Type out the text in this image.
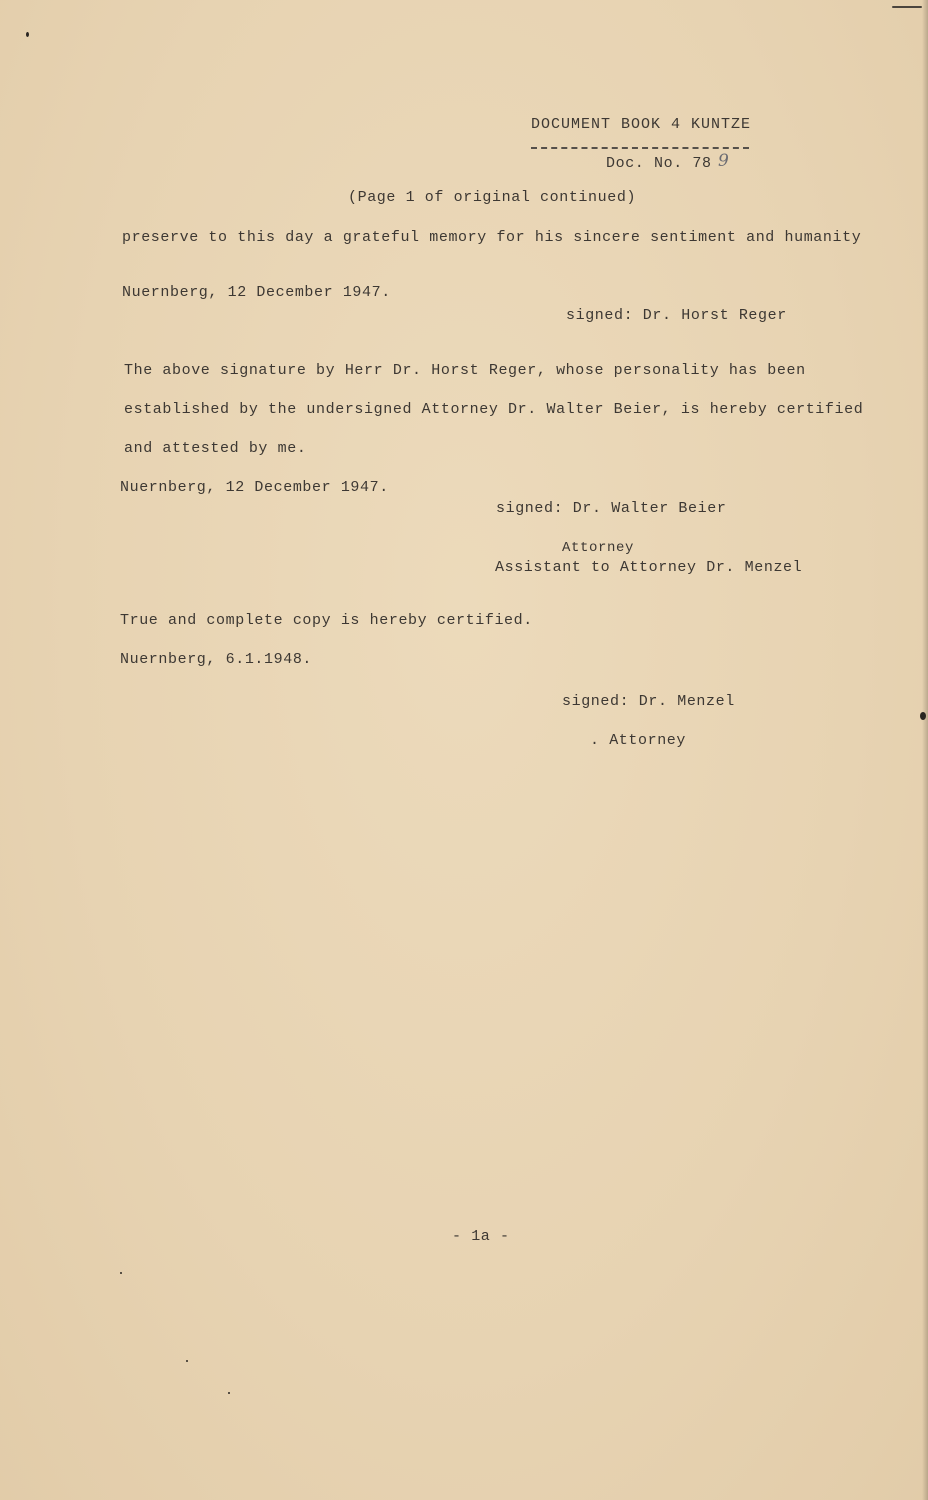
DOCUMENT BOOK 4 KUNTZE
Doc. No. 78 9
(Page 1 of original continued)
preserve to this day a grateful memory for his sincere sentiment and humanity
Nuernberg, 12 December 1947.
signed: Dr. Horst Reger
The above signature by Herr Dr. Horst Reger, whose personality has been
established by the undersigned Attorney Dr. Walter Beier, is hereby certified
and attested by me.
Nuernberg, 12 December 1947.
signed: Dr. Walter Beier
Attorney
Assistant to Attorney Dr. Menzel
True and complete copy is hereby certified.
Nuernberg, 6.1.1948.
signed: Dr. Menzel
. Attorney
- 1a -
